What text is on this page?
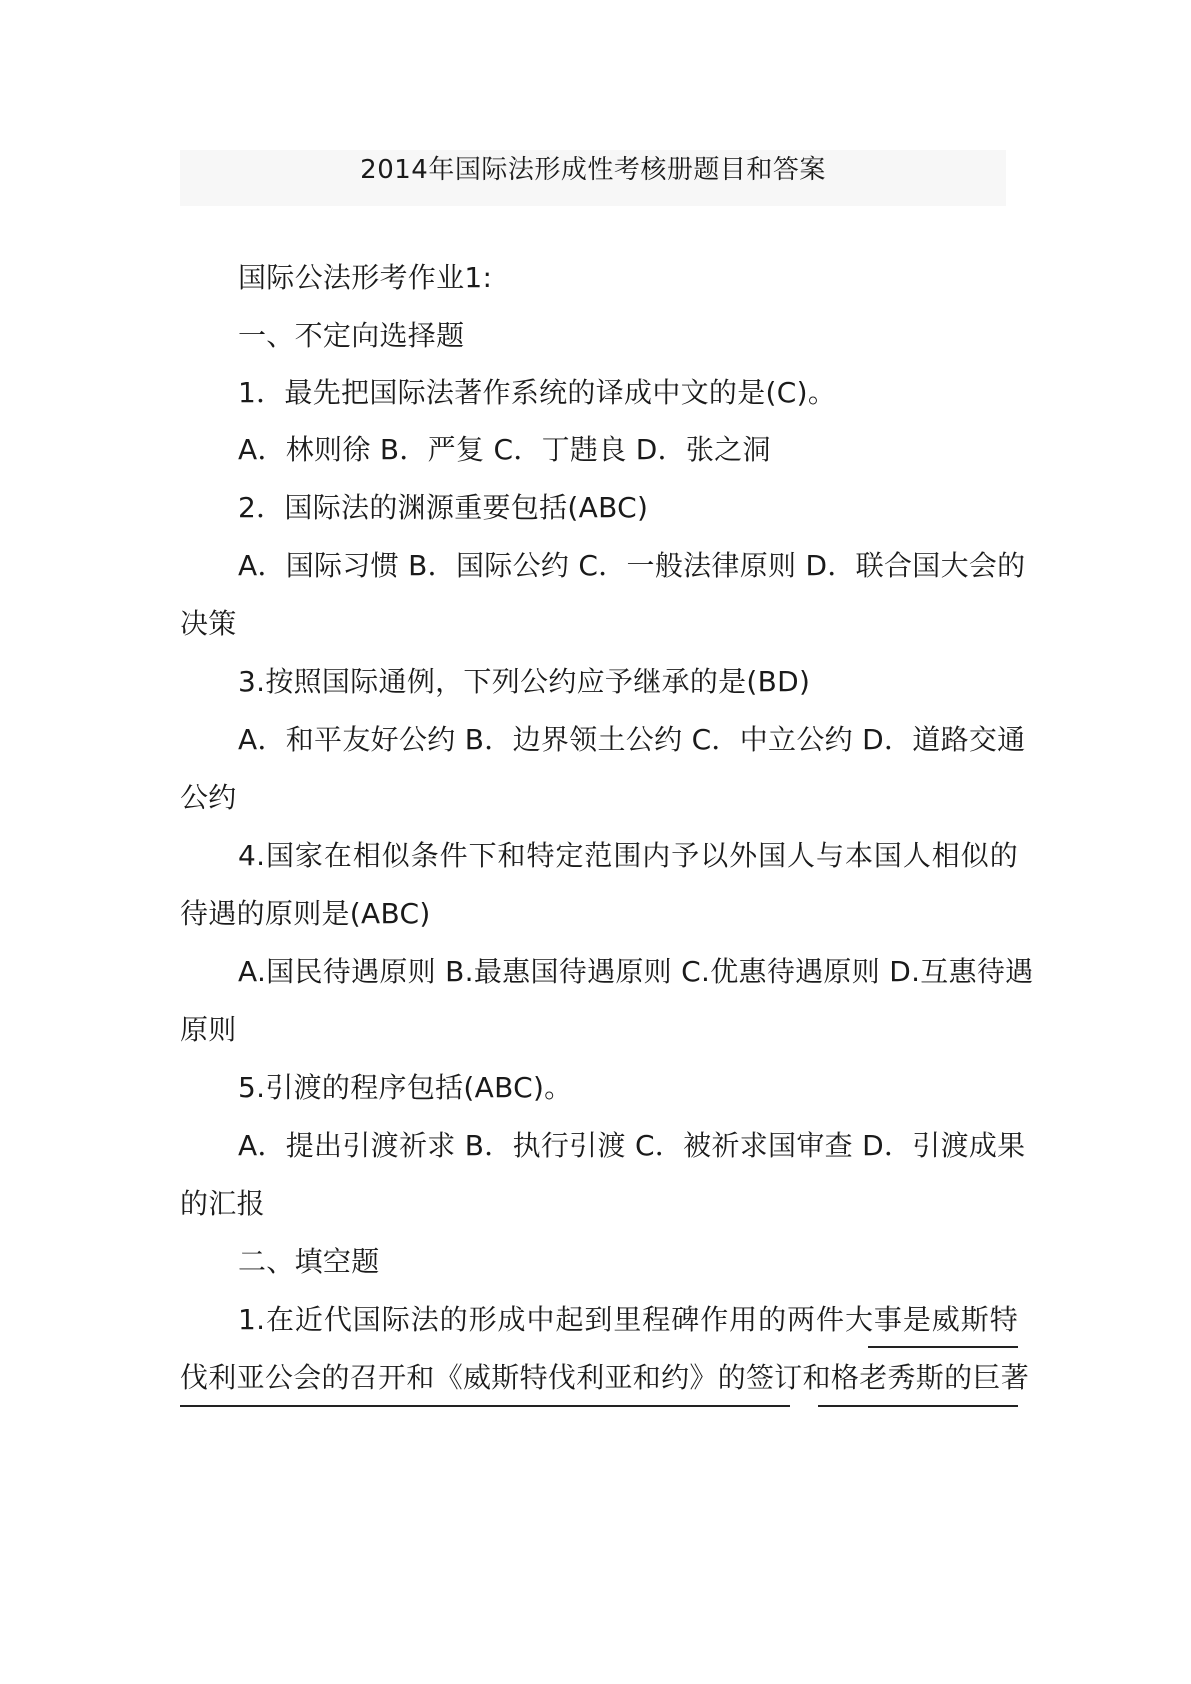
2014年国际法形成性考核册题目和答案
国际公法形考作业1:
一、不定向选择题
1．最先把国际法著作系统的译成中文的是(C)。
A．林则徐 B．严复 C．丁韪良 D．张之洞
2．国际法的渊源重要包括(ABC)
A．国际习惯 B．国际公约 C．一般法律原则 D．联合国大会的
决策
3.按照国际通例，下列公约应予继承的是(BD)
A．和平友好公约 B．边界领土公约 C．中立公约 D．道路交通
公约
4.国家在相似条件下和特定范围内予以外国人与本国人相似的
待遇的原则是(ABC)
A.国民待遇原则 B.最惠国待遇原则 C.优惠待遇原则 D.互惠待遇
原则
5.引渡的程序包括(ABC)。
A．提出引渡祈求 B．执行引渡 C．被祈求国审查 D．引渡成果
的汇报
二、填空题
1.在近代国际法的形成中起到里程碑作用的两件大事是威斯特
伐利亚公会的召开和《威斯特伐利亚和约》的签订和格老秀斯的巨著
